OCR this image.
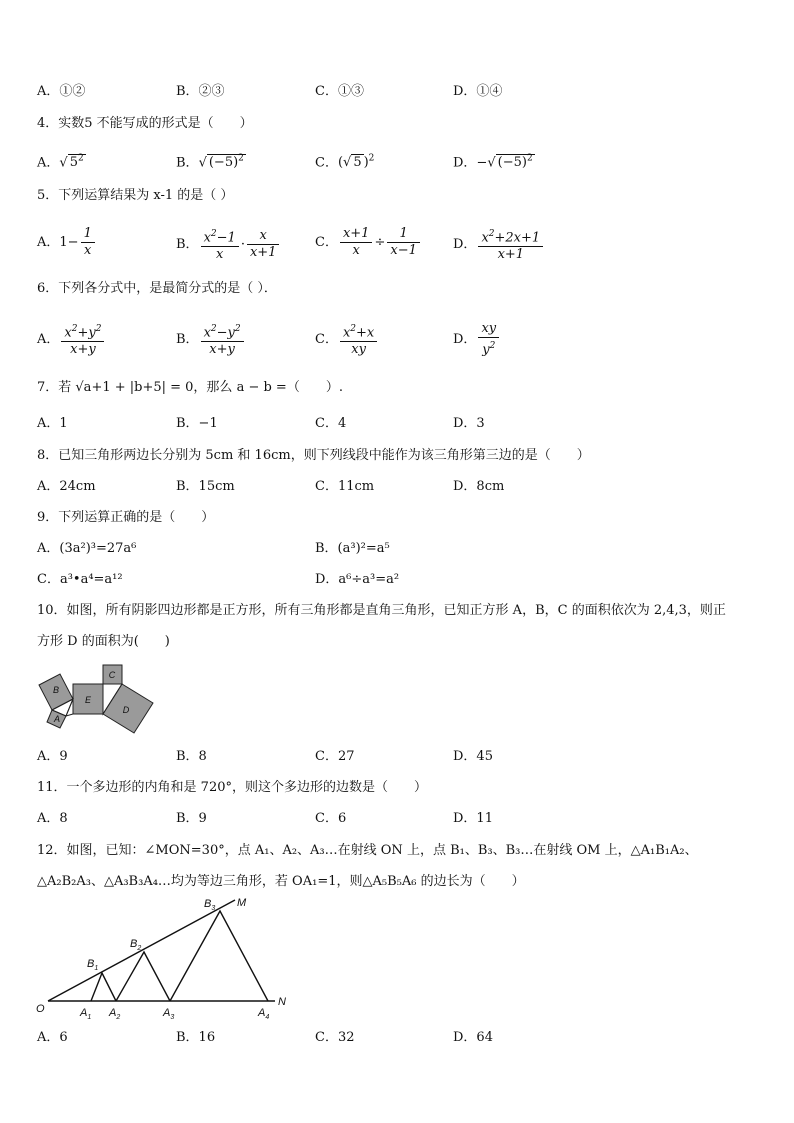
A．①②	B．②③	C．①③	D．①④
4．实数5 不能写成的形式是（　　）
A．√ $5^2$	B．√ $(-5)^2$	C．(√ 5 )$^2$	D．−√ $(-5)^2$
5．下列运算结果为 x-1 的是（ ）
A．$1- \frac{1}{x}$	B． $\frac{x^2-1}{x} \cdot \frac{x}{x+1}$	C． $\frac{x+1}{x} \div \frac{1}{x-1}$	D． $\frac{x^2+2x+1}{x+1}$
6．下列各分式中，是最简分式的是（ ）．
A． $\frac{x^2+y^2}{x+y}$	B． $\frac{x^2-y^2}{x+y}$	C． $\frac{x^2+x}{xy}$	D． $\frac{xy}{y^2}$
7．若 √a+1 + |b+5| = 0，那么 a − b =（　　）.
A．1	B．−1	C．4	D．3
8．已知三角形两边长分别为 5cm 和 16cm，则下列线段中能作为该三角形第三边的是（　　）
A．24cm	B．15cm	C．11cm	D．8cm
9．下列运算正确的是（　　）
A．(3a²)³=27a⁶	B．(a³)²=a⁵
C．a³•a⁴=a¹²	D．a⁶÷a³=a²
10．如图，所有阴影四边形都是正方形，所有三角形都是直角三角形，已知正方形 A，B，C 的面积依次为 2,4,3，则正
方形 D 的面积为(　　)
B
E
C
A
D
A．9	B．8	C．27	D．45
11．一个多边形的内角和是 720°，则这个多边形的边数是（　　）
A．8	B．9	C．6	D．11
12．如图，已知：∠MON=30°，点 A₁、A₂、A₃…在射线 ON 上，点 B₁、B₃、B₃…在射线 OM 上，△A₁B₁A₂、
△A₂B₂A₃、△A₃B₃A₄…均为等边三角形，若 OA₁=1，则△A₅B₅A₆ 的边长为（　　）
O
M
N
$A_1$ $A_2$	$A_3$	$A_4$
$B_1$
$B_2$
$B_3$
A．6	B．16	C．32	D．64
